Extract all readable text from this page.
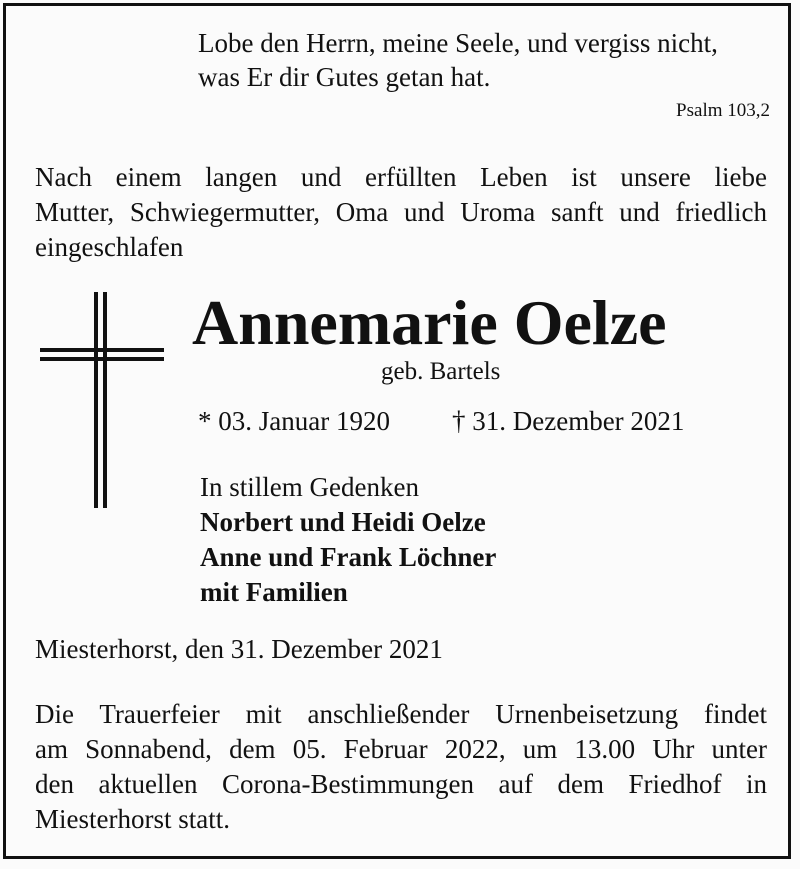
Lobe den Herrn, meine Seele, und vergiss nicht,
was Er dir Gutes getan hat.
Psalm 103,2
Nach einem langen und erfüllten Leben ist unsere liebe
Mutter, Schwiegermutter, Oma und Uroma sanft und friedlich
eingeschlafen
Annemarie Oelze
geb. Bartels
* 03. Januar 1920 † 31. Dezember 2021
In stillem Gedenken
Norbert und Heidi Oelze
Anne und Frank Löchner
mit Familien
Miesterhorst, den 31. Dezember 2021
Die Trauerfeier mit anschließender Urnenbeisetzung findet
am Sonnabend, dem 05. Februar 2022, um 13.00 Uhr unter
den aktuellen Corona-Bestimmungen auf dem Friedhof in
Miesterhorst statt.
